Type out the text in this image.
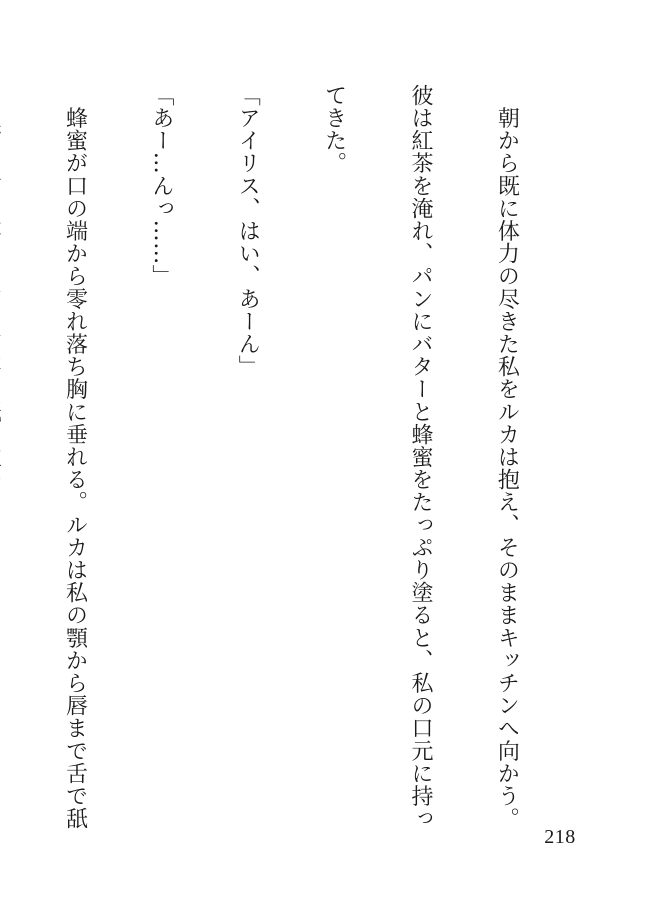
　朝から既に体力の尽きた私をルカは抱え、そのままキッチンへ向かう。

彼は紅茶を淹れ、パンにバターと蜂蜜をたっぷり塗ると、私の口元に持っ

てきた。

「アイリス、はい、あーん」

「あー…んっ……」

　蜂蜜が口の端から零れ落ち胸に垂れる。ルカは私の顎から唇まで舌で舐

218
